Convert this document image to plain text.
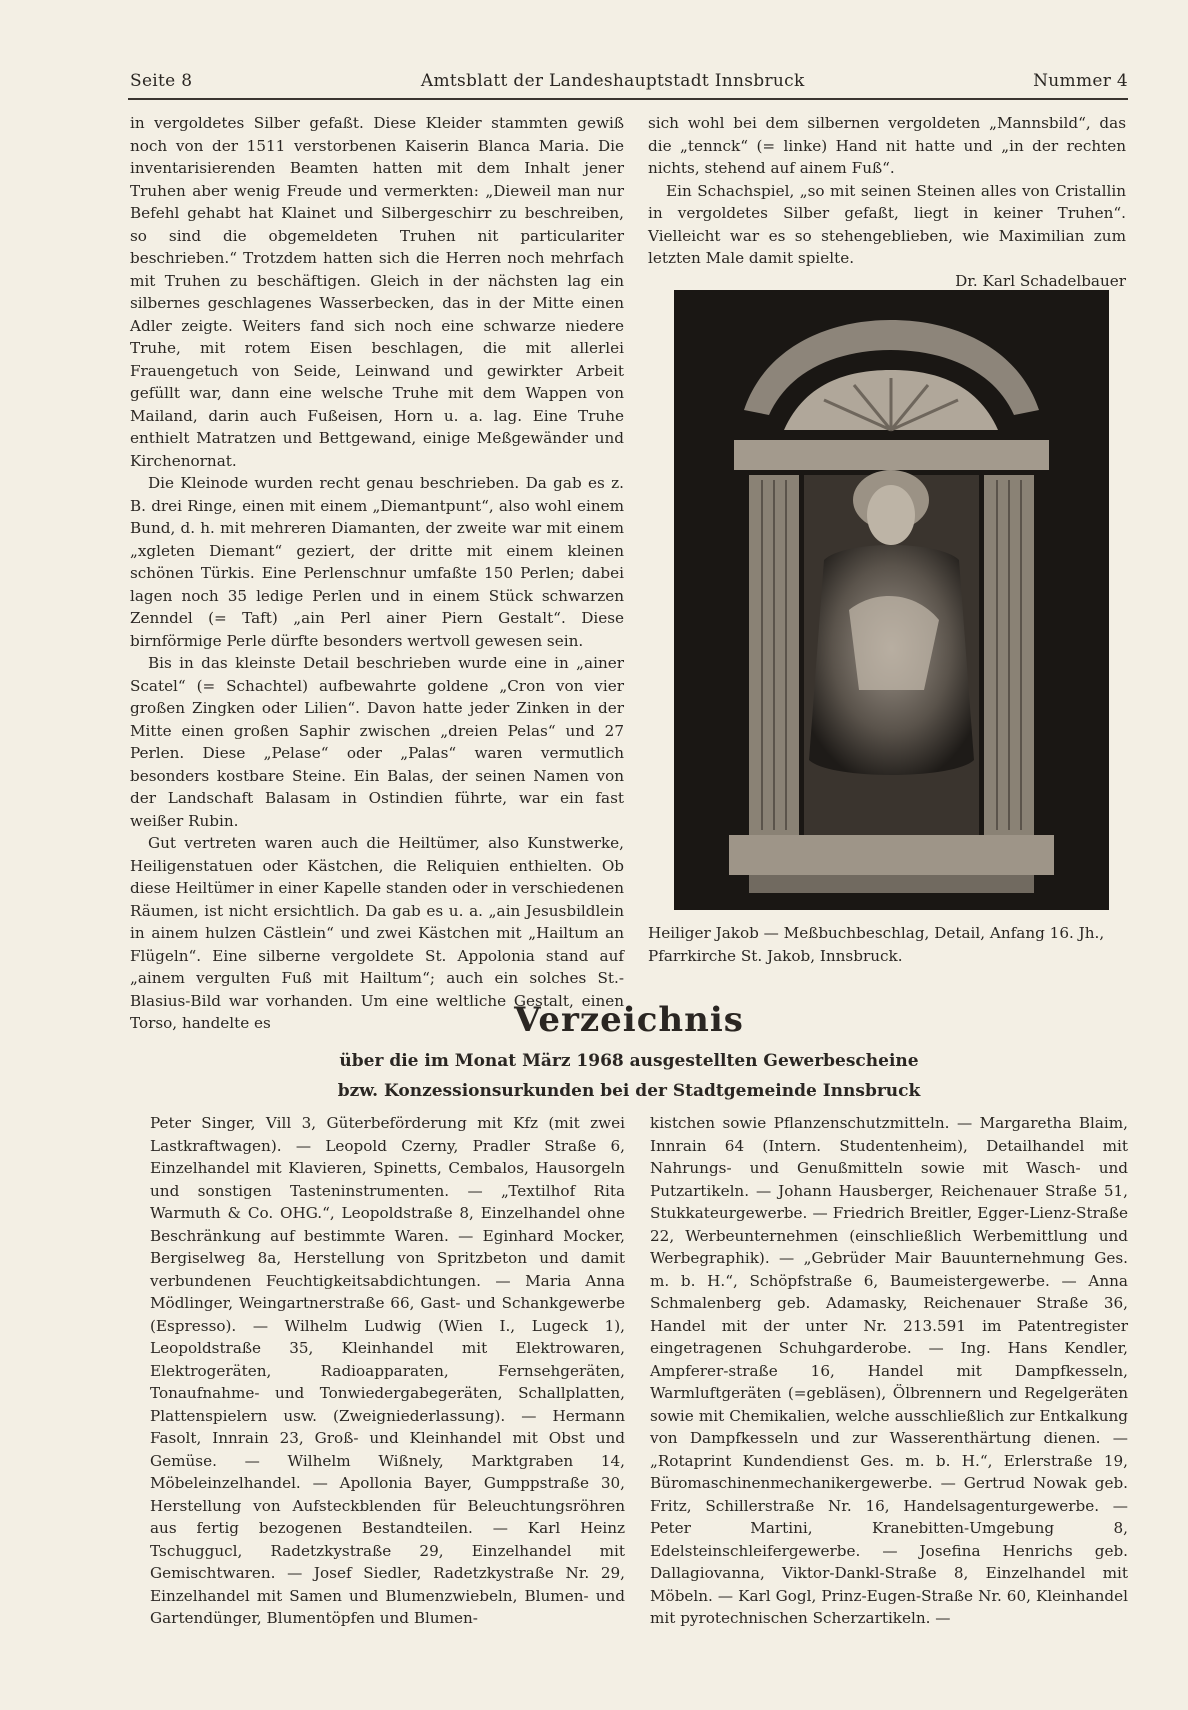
Seite 8	Amtsblatt der Landeshauptstadt Innsbruck	Nummer 4

in vergoldetes Silber gefaßt. Diese Kleider stammten gewiß noch von der 1511 verstorbenen Kaiserin Blanca Maria. Die inventarisierenden Beamten hatten mit dem Inhalt jener Truhen aber wenig Freude und vermerkten: „Dieweil man nur Befehl gehabt hat Klainet und Silbergeschirr zu beschreiben, so sind die obgemeldeten Truhen nit particulariter beschrieben.“ Trotzdem hatten sich die Herren noch mehrfach mit Truhen zu beschäftigen. Gleich in der nächsten lag ein silbernes geschlagenes Wasserbecken, das in der Mitte einen Adler zeigte. Weiters fand sich noch eine schwarze niedere Truhe, mit rotem Eisen beschlagen, die mit allerlei Frauengetuch von Seide, Leinwand und gewirkter Arbeit gefüllt war, dann eine welsche Truhe mit dem Wappen von Mailand, darin auch Fußeisen, Horn u. a. lag. Eine Truhe enthielt Matratzen und Bettgewand, einige Meßgewänder und Kirchenornat.

Die Kleinode wurden recht genau beschrieben. Da gab es z. B. drei Ringe, einen mit einem „Diemantpunt“, also wohl einem Bund, d. h. mit mehreren Diamanten, der zweite war mit einem „xgleten Diemant“ geziert, der dritte mit einem kleinen schönen Türkis. Eine Perlenschnur umfaßte 150 Perlen; dabei lagen noch 35 ledige Perlen und in einem Stück schwarzen Zenndel (= Taft) „ain Perl ainer Piern Gestalt“. Diese birnförmige Perle dürfte besonders wertvoll gewesen sein.

Bis in das kleinste Detail beschrieben wurde eine in „ainer Scatel“ (= Schachtel) aufbewahrte goldene „Cron von vier großen Zingken oder Lilien“. Davon hatte jeder Zinken in der Mitte einen großen Saphir zwischen „dreien Pelas“ und 27 Perlen. Diese „Pelase“ oder „Palas“ waren vermutlich besonders kostbare Steine. Ein Balas, der seinen Namen von der Landschaft Balasam in Ostindien führte, war ein fast weißer Rubin.

Gut vertreten waren auch die Heiltümer, also Kunstwerke, Heiligenstatuen oder Kästchen, die Reliquien enthielten. Ob diese Heiltümer in einer Kapelle standen oder in verschiedenen Räumen, ist nicht ersichtlich. Da gab es u. a. „ain Jesusbildlein in ainem hulzen Cästlein“ und zwei Kästchen mit „Hailtum an Flügeln“. Eine silberne vergoldete St. Appolonia stand auf „ainem vergulten Fuß mit Hailtum“; auch ein solches St.-Blasius-Bild war vorhanden. Um eine weltliche Gestalt, einen Torso, handelte es

sich wohl bei dem silbernen vergoldeten „Mannsbild“, das die „tennck“ (= linke) Hand nit hatte und „in der rechten nichts, stehend auf ainem Fuß“.

Ein Schachspiel, „so mit seinen Steinen alles von Cristallin in vergoldetes Silber gefaßt, liegt in keiner Truhen“. Vielleicht war es so stehengeblieben, wie Maximilian zum letzten Male damit spielte.

Dr. Karl Schadelbauer
Heiliger Jakob — Meßbuchbeschlag, Detail, Anfang 16. Jh., Pfarrkirche St. Jakob, Innsbruck.
Verzeichnis
über die im Monat März 1968 ausgestellten Gewerbescheine
bzw. Konzessionsurkunden bei der Stadtgemeinde Innsbruck

Peter Singer, Vill 3, Güterbeförderung mit Kfz (mit zwei Lastkraftwagen). — Leopold Czerny, Pradler Straße 6, Einzelhandel mit Klavieren, Spinetts, Cembalos, Hausorgeln und sonstigen Tasteninstrumenten. — „Textilhof Rita Warmuth & Co. OHG.“, Leopoldstraße 8, Einzelhandel ohne Beschränkung auf bestimmte Waren. — Eginhard Mocker, Bergiselweg 8a, Herstellung von Spritzbeton und damit verbundenen Feuchtigkeitsabdichtungen. — Maria Anna Mödlinger, Weingartnerstraße 66, Gast- und Schankgewerbe (Espresso). — Wilhelm Ludwig (Wien I., Lugeck 1), Leopoldstraße 35, Kleinhandel mit Elektrowaren, Elektrogeräten, Radioapparaten, Fernsehgeräten, Tonaufnahme- und Tonwiedergabegeräten, Schallplatten, Plattenspielern usw. (Zweigniederlassung). — Hermann Fasolt, Innrain 23, Groß- und Kleinhandel mit Obst und Gemüse. — Wilhelm Wißnely, Marktgraben 14, Möbeleinzelhandel. — Apollonia Bayer, Gumppstraße 30, Herstellung von Aufsteckblenden für Beleuchtungsröhren aus fertig bezogenen Bestandteilen. — Karl Heinz Tschuggucl, Radetzkystraße 29, Einzelhandel mit Gemischtwaren. — Josef Siedler, Radetzkystraße Nr. 29, Einzelhandel mit Samen und Blumenzwiebeln, Blumen- und Gartendünger, Blumentöpfen und Blumen-

kistchen sowie Pflanzenschutzmitteln. — Margaretha Blaim, Innrain 64 (Intern. Studentenheim), Detailhandel mit Nahrungs- und Genußmitteln sowie mit Wasch- und Putzartikeln. — Johann Hausberger, Reichenauer Straße 51, Stukkateurgewerbe. — Friedrich Breitler, Egger-Lienz-Straße 22, Werbeunternehmen (einschließlich Werbemittlung und Werbegraphik). — „Gebrüder Mair Bauunternehmung Ges. m. b. H.“, Schöpfstraße 6, Baumeistergewerbe. — Anna Schmalenberg geb. Adamasky, Reichenauer Straße 36, Handel mit der unter Nr. 213.591 im Patentregister eingetragenen Schuhgarderobe. — Ing. Hans Kendler, Ampferer-straße 16, Handel mit Dampfkesseln, Warmluftgeräten (=gebläsen), Ölbrennern und Regelgeräten sowie mit Chemikalien, welche ausschließlich zur Entkalkung von Dampfkesseln und zur Wasserenthärtung dienen. — „Rotaprint Kundendienst Ges. m. b. H.“, Erlerstraße 19, Büromaschinenmechanikergewerbe. — Gertrud Nowak geb. Fritz, Schillerstraße Nr. 16, Handelsagenturgewerbe. — Peter Martini, Kranebitten-Umgebung 8, Edelsteinschleifergewerbe. — Josefina Henrichs geb. Dallagiovanna, Viktor-Dankl-Straße 8, Einzelhandel mit Möbeln. — Karl Gogl, Prinz-Eugen-Straße Nr. 60, Kleinhandel mit pyrotechnischen Scherzartikeln. —
